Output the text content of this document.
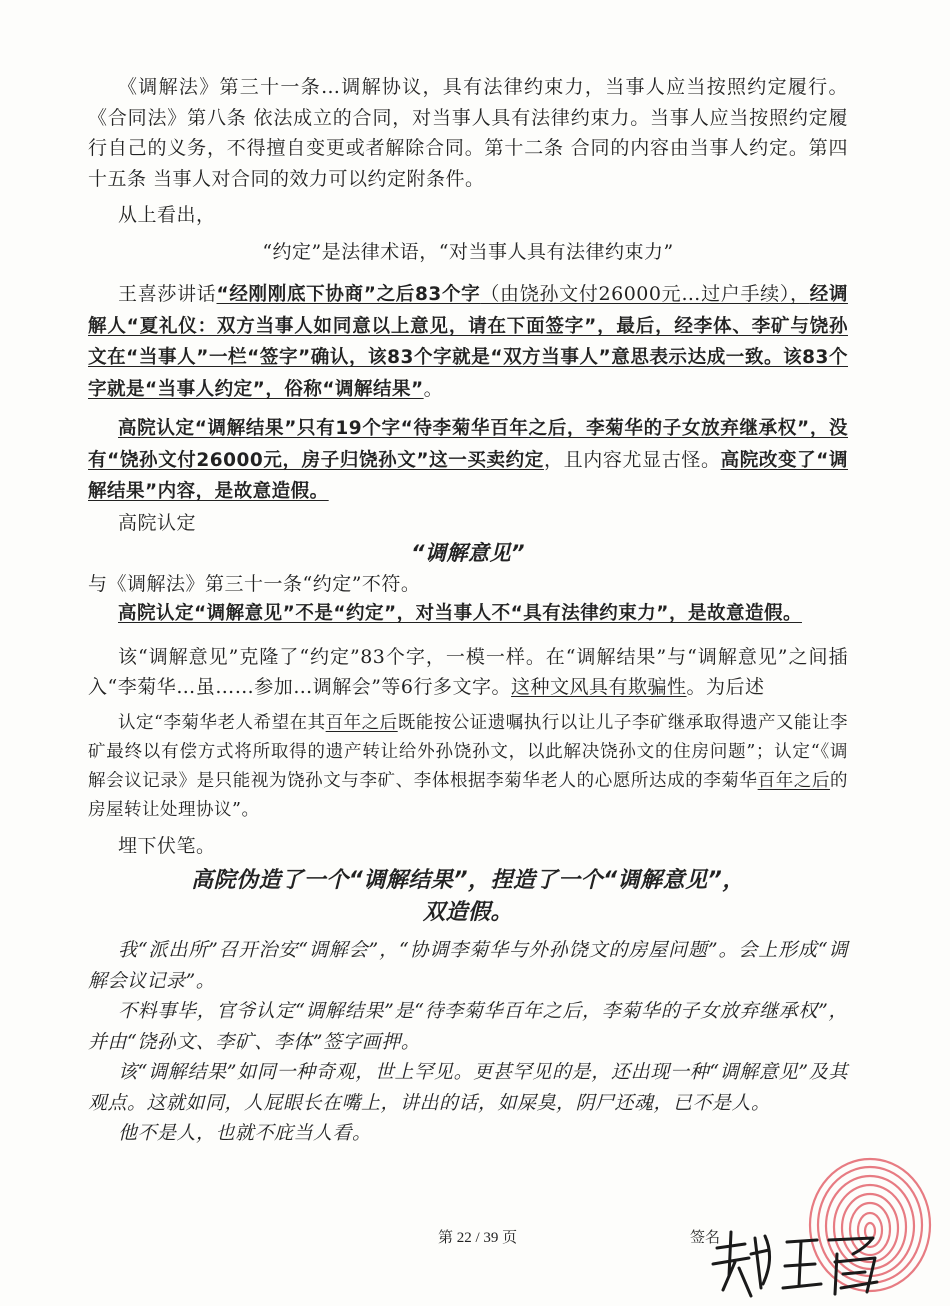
《调解法》第三十一条…调解协议，具有法律约束力，当事人应当按照约定履行。《合同法》第八条 依法成立的合同，对当事人具有法律约束力。当事人应当按照约定履行自己的义务，不得擅自变更或者解除合同。第十二条 合同的内容由当事人约定。第四十五条 当事人对合同的效力可以约定附条件。

从上看出，

“约定”是法律术语，“对当事人具有法律约束力”

王喜莎讲话“经刚刚底下协商”之后83个字（由饶孙文付26000元…过户手续），经调解人“夏礼仪：双方当事人如同意以上意见，请在下面签字”，最后，经李体、李矿与饶孙文在“当事人”一栏“签字”确认，该83个字就是“双方当事人”意思表示达成一致。该83个字就是“当事人约定”，俗称“调解结果”。

高院认定“调解结果”只有19个字“待李菊华百年之后，李菊华的子女放弃继承权”，没有“饶孙文付26000元，房子归饶孙文”这一买卖约定，且内容尤显古怪。高院改变了“调解结果”内容，是故意造假。

高院认定

“调解意见”

与《调解法》第三十一条“约定”不符。

高院认定“调解意见”不是“约定”，对当事人不“具有法律约束力”，是故意造假。

该“调解意见”克隆了“约定”83个字，一模一样。在“调解结果”与“调解意见”之间插入“李菊华…虽……参加…调解会”等6行多文字。这种文风具有欺骗性。为后述

认定“李菊华老人希望在其百年之后既能按公证遗嘱执行以让儿子李矿继承取得遗产又能让李矿最终以有偿方式将所取得的遗产转让给外孙饶孙文，以此解决饶孙文的住房问题”；认定“《调解会议记录》是只能视为饶孙文与李矿、李体根据李菊华老人的心愿所达成的李菊华百年之后的房屋转让处理协议”。

埋下伏笔。

高院伪造了一个“调解结果”，捏造了一个“调解意见”，

双造假。

我“派出所”召开治安“调解会”，“协调李菊华与外孙饶文的房屋问题”。会上形成“调解会议记录”。

不料事毕，官爷认定“调解结果”是“待李菊华百年之后，李菊华的子女放弃继承权”，并由“饶孙文、李矿、李体”签字画押。

该“调解结果”如同一种奇观，世上罕见。更甚罕见的是，还出现一种“调解意见”及其观点。这就如同，人屁眼长在嘴上，讲出的话，如屎臭，阴尸还魂，已不是人。

他不是人，也就不庇当人看。

第 22 / 39 页	签名
